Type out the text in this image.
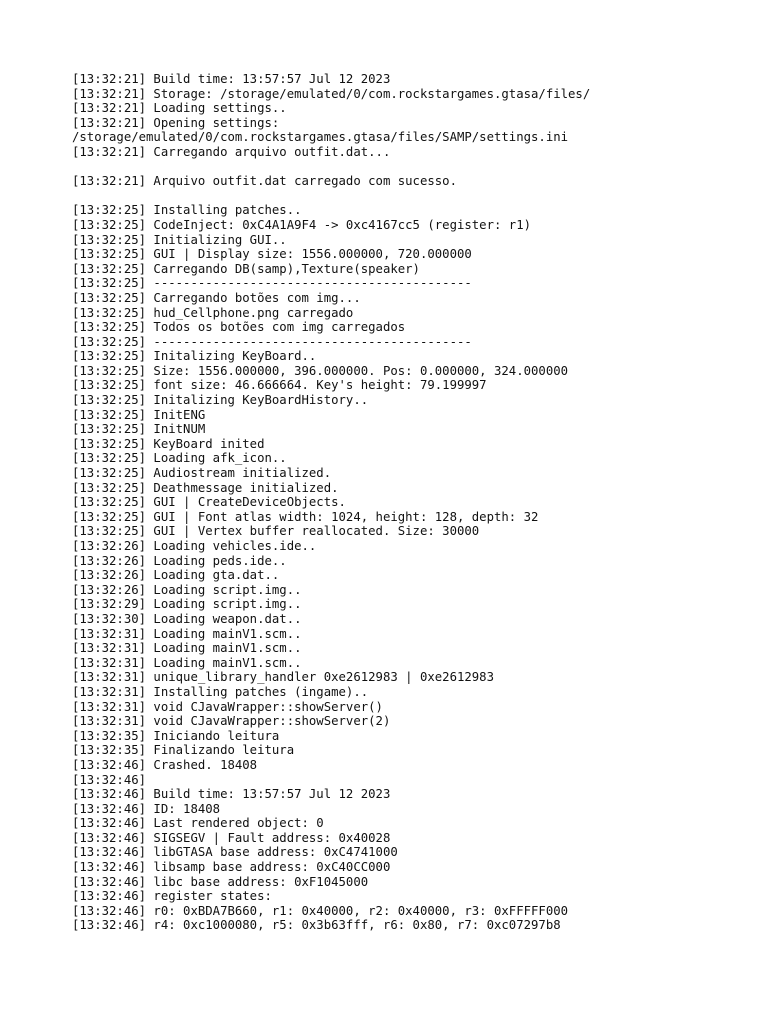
[13:32:21] Build time: 13:57:57 Jul 12 2023
[13:32:21] Storage: /storage/emulated/0/com.rockstargames.gtasa/files/
[13:32:21] Loading settings..
[13:32:21] Opening settings:
/storage/emulated/0/com.rockstargames.gtasa/files/SAMP/settings.ini
[13:32:21] Carregando arquivo outfit.dat...
[13:32:21] Arquivo outfit.dat carregado com sucesso.
[13:32:25] Installing patches..
[13:32:25] CodeInject: 0xC4A1A9F4 -> 0xc4167cc5 (register: r1)
[13:32:25] Initializing GUI..
[13:32:25] GUI | Display size: 1556.000000, 720.000000
[13:32:25] Carregando DB(samp),Texture(speaker)
[13:32:25] -------------------------------------------
[13:32:25] Carregando botões com img...
[13:32:25] hud_Cellphone.png carregado
[13:32:25] Todos os botões com img carregados
[13:32:25] -------------------------------------------
[13:32:25] Initalizing KeyBoard..
[13:32:25] Size: 1556.000000, 396.000000. Pos: 0.000000, 324.000000
[13:32:25] font size: 46.666664. Key's height: 79.199997
[13:32:25] Initalizing KeyBoardHistory..
[13:32:25] InitENG
[13:32:25] InitNUM
[13:32:25] KeyBoard inited
[13:32:25] Loading afk_icon..
[13:32:25] Audiostream initialized.
[13:32:25] Deathmessage initialized.
[13:32:25] GUI | CreateDeviceObjects.
[13:32:25] GUI | Font atlas width: 1024, height: 128, depth: 32
[13:32:25] GUI | Vertex buffer reallocated. Size: 30000
[13:32:26] Loading vehicles.ide..
[13:32:26] Loading peds.ide..
[13:32:26] Loading gta.dat..
[13:32:26] Loading script.img..
[13:32:29] Loading script.img..
[13:32:30] Loading weapon.dat..
[13:32:31] Loading mainV1.scm..
[13:32:31] Loading mainV1.scm..
[13:32:31] Loading mainV1.scm..
[13:32:31] unique_library_handler 0xe2612983 | 0xe2612983
[13:32:31] Installing patches (ingame)..
[13:32:31] void CJavaWrapper::showServer()
[13:32:31] void CJavaWrapper::showServer(2)
[13:32:35] Iniciando leitura
[13:32:35] Finalizando leitura
[13:32:46] Crashed. 18408
[13:32:46]
[13:32:46] Build time: 13:57:57 Jul 12 2023
[13:32:46] ID: 18408
[13:32:46] Last rendered object: 0
[13:32:46] SIGSEGV | Fault address: 0x40028
[13:32:46] libGTASA base address: 0xC4741000
[13:32:46] libsamp base address: 0xC40CC000
[13:32:46] libc base address: 0xF1045000
[13:32:46] register states:
[13:32:46] r0: 0xBDA7B660, r1: 0x40000, r2: 0x40000, r3: 0xFFFFF000
[13:32:46] r4: 0xc1000080, r5: 0x3b63fff, r6: 0x80, r7: 0xc07297b8
